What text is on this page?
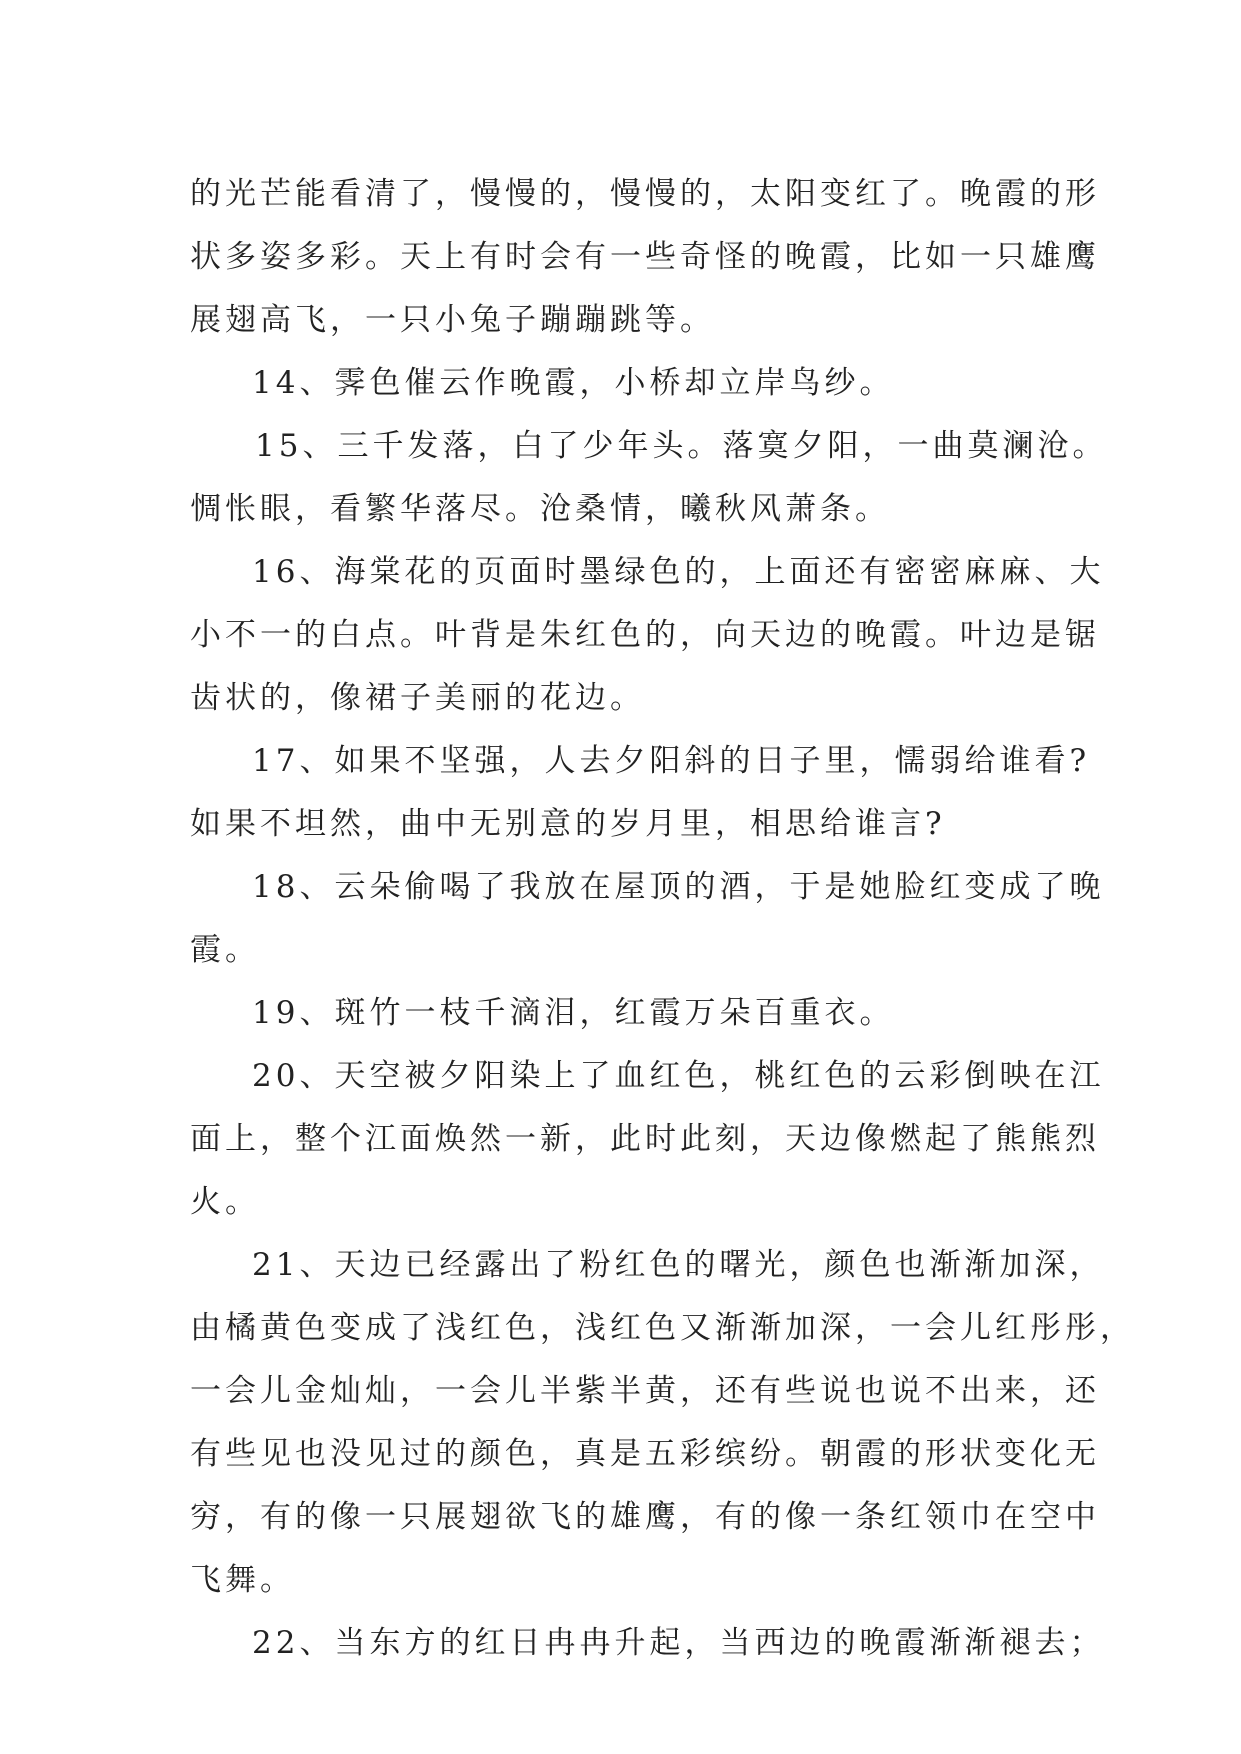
的光芒能看清了，慢慢的，慢慢的，太阳变红了。晚霞的形
状多姿多彩。天上有时会有一些奇怪的晚霞，比如一只雄鹰
展翅高飞，一只小兔子蹦蹦跳等。
14、霁色催云作晚霞，小桥却立岸鸟纱。
15、三千发落，白了少年头。落寞夕阳，一曲莫澜沧。
惆怅眼，看繁华落尽。沧桑情，曦秋风萧条。
16、海棠花的页面时墨绿色的，上面还有密密麻麻、大
小不一的白点。叶背是朱红色的，向天边的晚霞。叶边是锯
齿状的，像裙子美丽的花边。
17、如果不坚强，人去夕阳斜的日子里，懦弱给谁看?
如果不坦然，曲中无别意的岁月里，相思给谁言?
18、云朵偷喝了我放在屋顶的酒，于是她脸红变成了晚
霞。
19、斑竹一枝千滴泪，红霞万朵百重衣。
20、天空被夕阳染上了血红色，桃红色的云彩倒映在江
面上，整个江面焕然一新，此时此刻，天边像燃起了熊熊烈
火。
21、天边已经露出了粉红色的曙光，颜色也渐渐加深，
由橘黄色变成了浅红色，浅红色又渐渐加深，一会儿红彤彤，
一会儿金灿灿，一会儿半紫半黄，还有些说也说不出来，还
有些见也没见过的颜色，真是五彩缤纷。朝霞的形状变化无
穷，有的像一只展翅欲飞的雄鹰，有的像一条红领巾在空中
飞舞。
22、当东方的红日冉冉升起，当西边的晚霞渐渐褪去；
